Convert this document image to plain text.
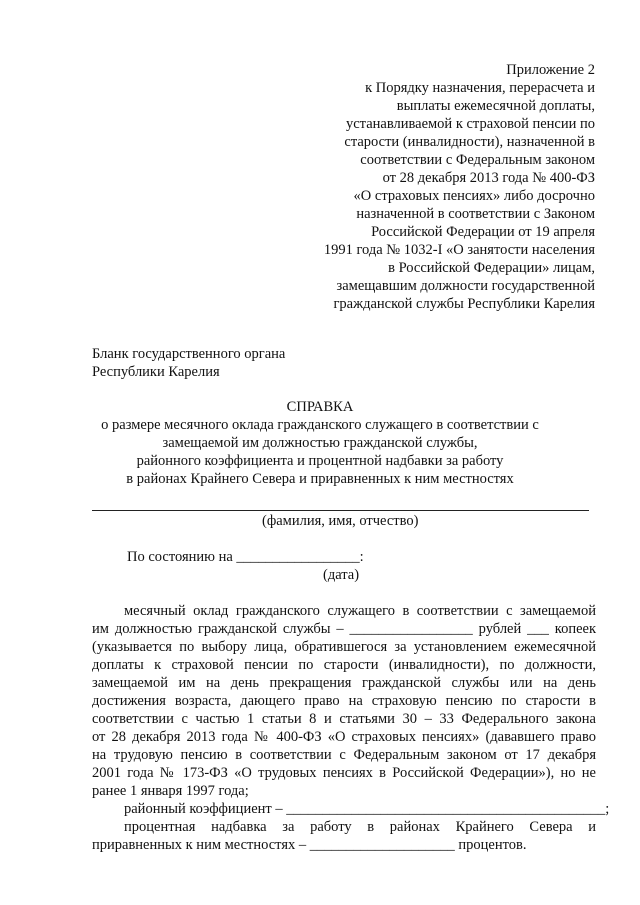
Приложение 2
к Порядку назначения, перерасчета и
выплаты ежемесячной доплаты,
устанавливаемой к страховой пенсии по
старости (инвалидности), назначенной в
соответствии с Федеральным законом
от 28 декабря 2013 года № 400-ФЗ
«О страховых пенсиях» либо досрочно
назначенной в соответствии с Законом
Российской Федерации от 19 апреля
1991 года № 1032-I «О занятости населения
в Российской Федерации» лицам,
замещавшим должности государственной
гражданской службы Республики Карелия
Бланк государственного органа
Республики Карелия
СПРАВКА
о размере месячного оклада гражданского служащего в соответствии с
замещаемой им должностью гражданской службы,
районного коэффициента и процентной надбавки за работу
в районах Крайнего Севера и приравненных к ним местностях
(фамилия, имя, отчество)
По состоянию на _________________:
(дата)
месячный оклад гражданского служащего в соответствии с замещаемой
им должностью гражданской службы – _________________ рублей ___ копеек
(указывается по выбору лица, обратившегося за установлением ежемесячной
доплаты к страховой пенсии по старости (инвалидности), по должности,
замещаемой им на день прекращения гражданской службы или на день
достижения возраста, дающего право на страховую пенсию по старости в
соответствии с частью 1 статьи 8 и статьями 30 – 33 Федерального закона
от 28 декабря 2013 года № 400-ФЗ «О страховых пенсиях» (дававшего право
на трудовую пенсию в соответствии с Федеральным законом от 17 декабря
2001 года № 173-ФЗ «О трудовых пенсиях в Российской Федерации»), но не
ранее 1 января 1997 года;
районный коэффициент – ____________________________________________;
процентная надбавка за работу в районах Крайнего Севера и
приравненных к ним местностях – ____________________ процентов.
